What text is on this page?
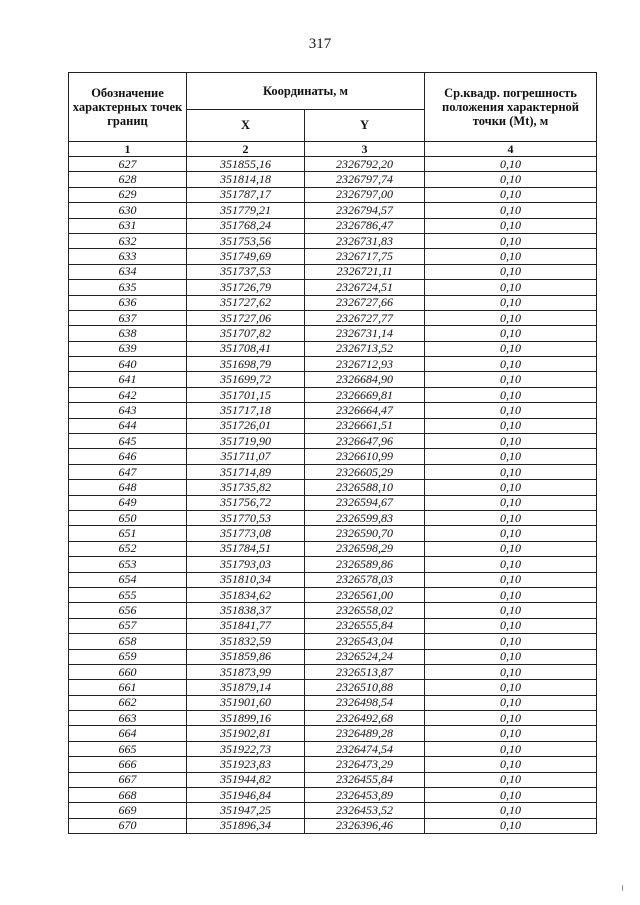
317
Обозначение характерных точек границ	Координаты, м		Ср.квадр. погрешность положения характерной точки (Mt), м
	X	Y	
1	2	3	4
627	351855,16	2326792,20	0,10
628	351814,18	2326797,74	0,10
629	351787,17	2326797,00	0,10
630	351779,21	2326794,57	0,10
631	351768,24	2326786,47	0,10
632	351753,56	2326731,83	0,10
633	351749,69	2326717,75	0,10
634	351737,53	2326721,11	0,10
635	351726,79	2326724,51	0,10
636	351727,62	2326727,66	0,10
637	351727,06	2326727,77	0,10
638	351707,82	2326731,14	0,10
639	351708,41	2326713,52	0,10
640	351698,79	2326712,93	0,10
641	351699,72	2326684,90	0,10
642	351701,15	2326669,81	0,10
643	351717,18	2326664,47	0,10
644	351726,01	2326661,51	0,10
645	351719,90	2326647,96	0,10
646	351711,07	2326610,99	0,10
647	351714,89	2326605,29	0,10
648	351735,82	2326588,10	0,10
649	351756,72	2326594,67	0,10
650	351770,53	2326599,83	0,10
651	351773,08	2326590,70	0,10
652	351784,51	2326598,29	0,10
653	351793,03	2326589,86	0,10
654	351810,34	2326578,03	0,10
655	351834,62	2326561,00	0,10
656	351838,37	2326558,02	0,10
657	351841,77	2326555,84	0,10
658	351832,59	2326543,04	0,10
659	351859,86	2326524,24	0,10
660	351873,99	2326513,87	0,10
661	351879,14	2326510,88	0,10
662	351901,60	2326498,54	0,10
663	351899,16	2326492,68	0,10
664	351902,81	2326489,28	0,10
665	351922,73	2326474,54	0,10
666	351923,83	2326473,29	0,10
667	351944,82	2326455,84	0,10
668	351946,84	2326453,89	0,10
669	351947,25	2326453,52	0,10
670	351896,34	2326396,46	0,10
